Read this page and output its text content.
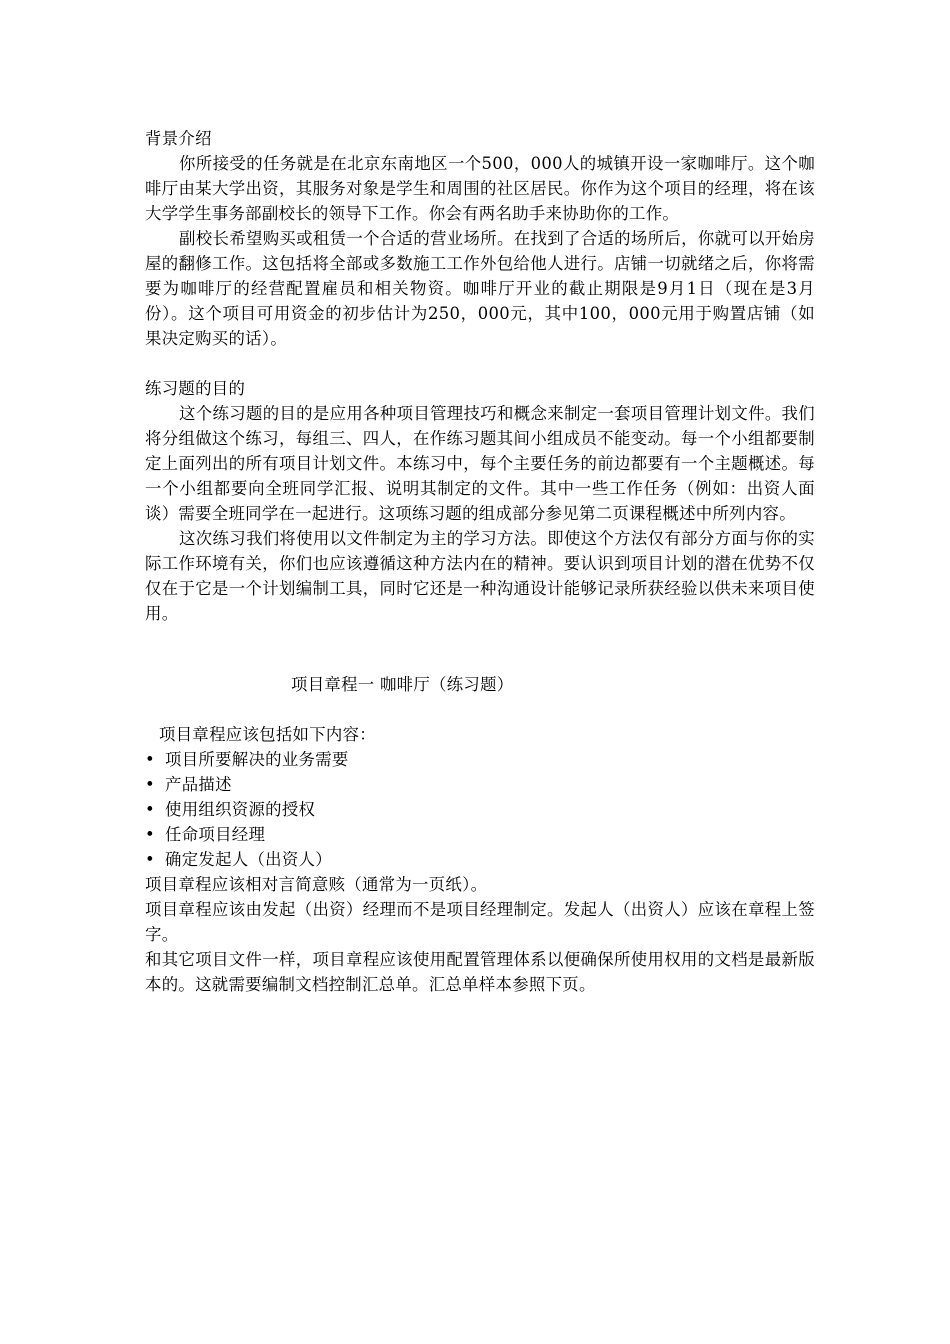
背景介绍

你所接受的任务就是在北京东南地区一个500，000人的城镇开设一家咖啡厅。这个咖啡厅由某大学出资，其服务对象是学生和周围的社区居民。你作为这个项目的经理，将在该大学学生事务部副校长的领导下工作。你会有两名助手来协助你的工作。

副校长希望购买或租赁一个合适的营业场所。在找到了合适的场所后，你就可以开始房屋的翻修工作。这包括将全部或多数施工工作外包给他人进行。店铺一切就绪之后，你将需要为咖啡厅的经营配置雇员和相关物资。咖啡厅开业的截止期限是9月1日（现在是3月份）。这个项目可用资金的初步估计为250，000元，其中100，000元用于购置店铺（如果决定购买的话）。

练习题的目的

这个练习题的目的是应用各种项目管理技巧和概念来制定一套项目管理计划文件。我们将分组做这个练习，每组三、四人，在作练习题其间小组成员不能变动。每一个小组都要制定上面列出的所有项目计划文件。本练习中，每个主要任务的前边都要有一个主题概述。每一个小组都要向全班同学汇报、说明其制定的文件。其中一些工作任务（例如：出资人面谈）需要全班同学在一起进行。这项练习题的组成部分参见第二页课程概述中所列内容。

这次练习我们将使用以文件制定为主的学习方法。即使这个方法仅有部分方面与你的实际工作环境有关，你们也应该遵循这种方法内在的精神。要认识到项目计划的潜在优势不仅仅在于它是一个计划编制工具，同时它还是一种沟通设计能够记录所获经验以供未来项目使用。

项目章程一 咖啡厅（练习题）

项目章程应该包括如下内容：

• 项目所要解决的业务需要
• 产品描述
• 使用组织资源的授权
• 任命项目经理
• 确定发起人（出资人）

项目章程应该相对言简意赅（通常为一页纸）。

项目章程应该由发起（出资）经理而不是项目经理制定。发起人（出资人）应该在章程上签字。

和其它项目文件一样，项目章程应该使用配置管理体系以便确保所使用权用的文档是最新版本的。这就需要编制文档控制汇总单。汇总单样本参照下页。
